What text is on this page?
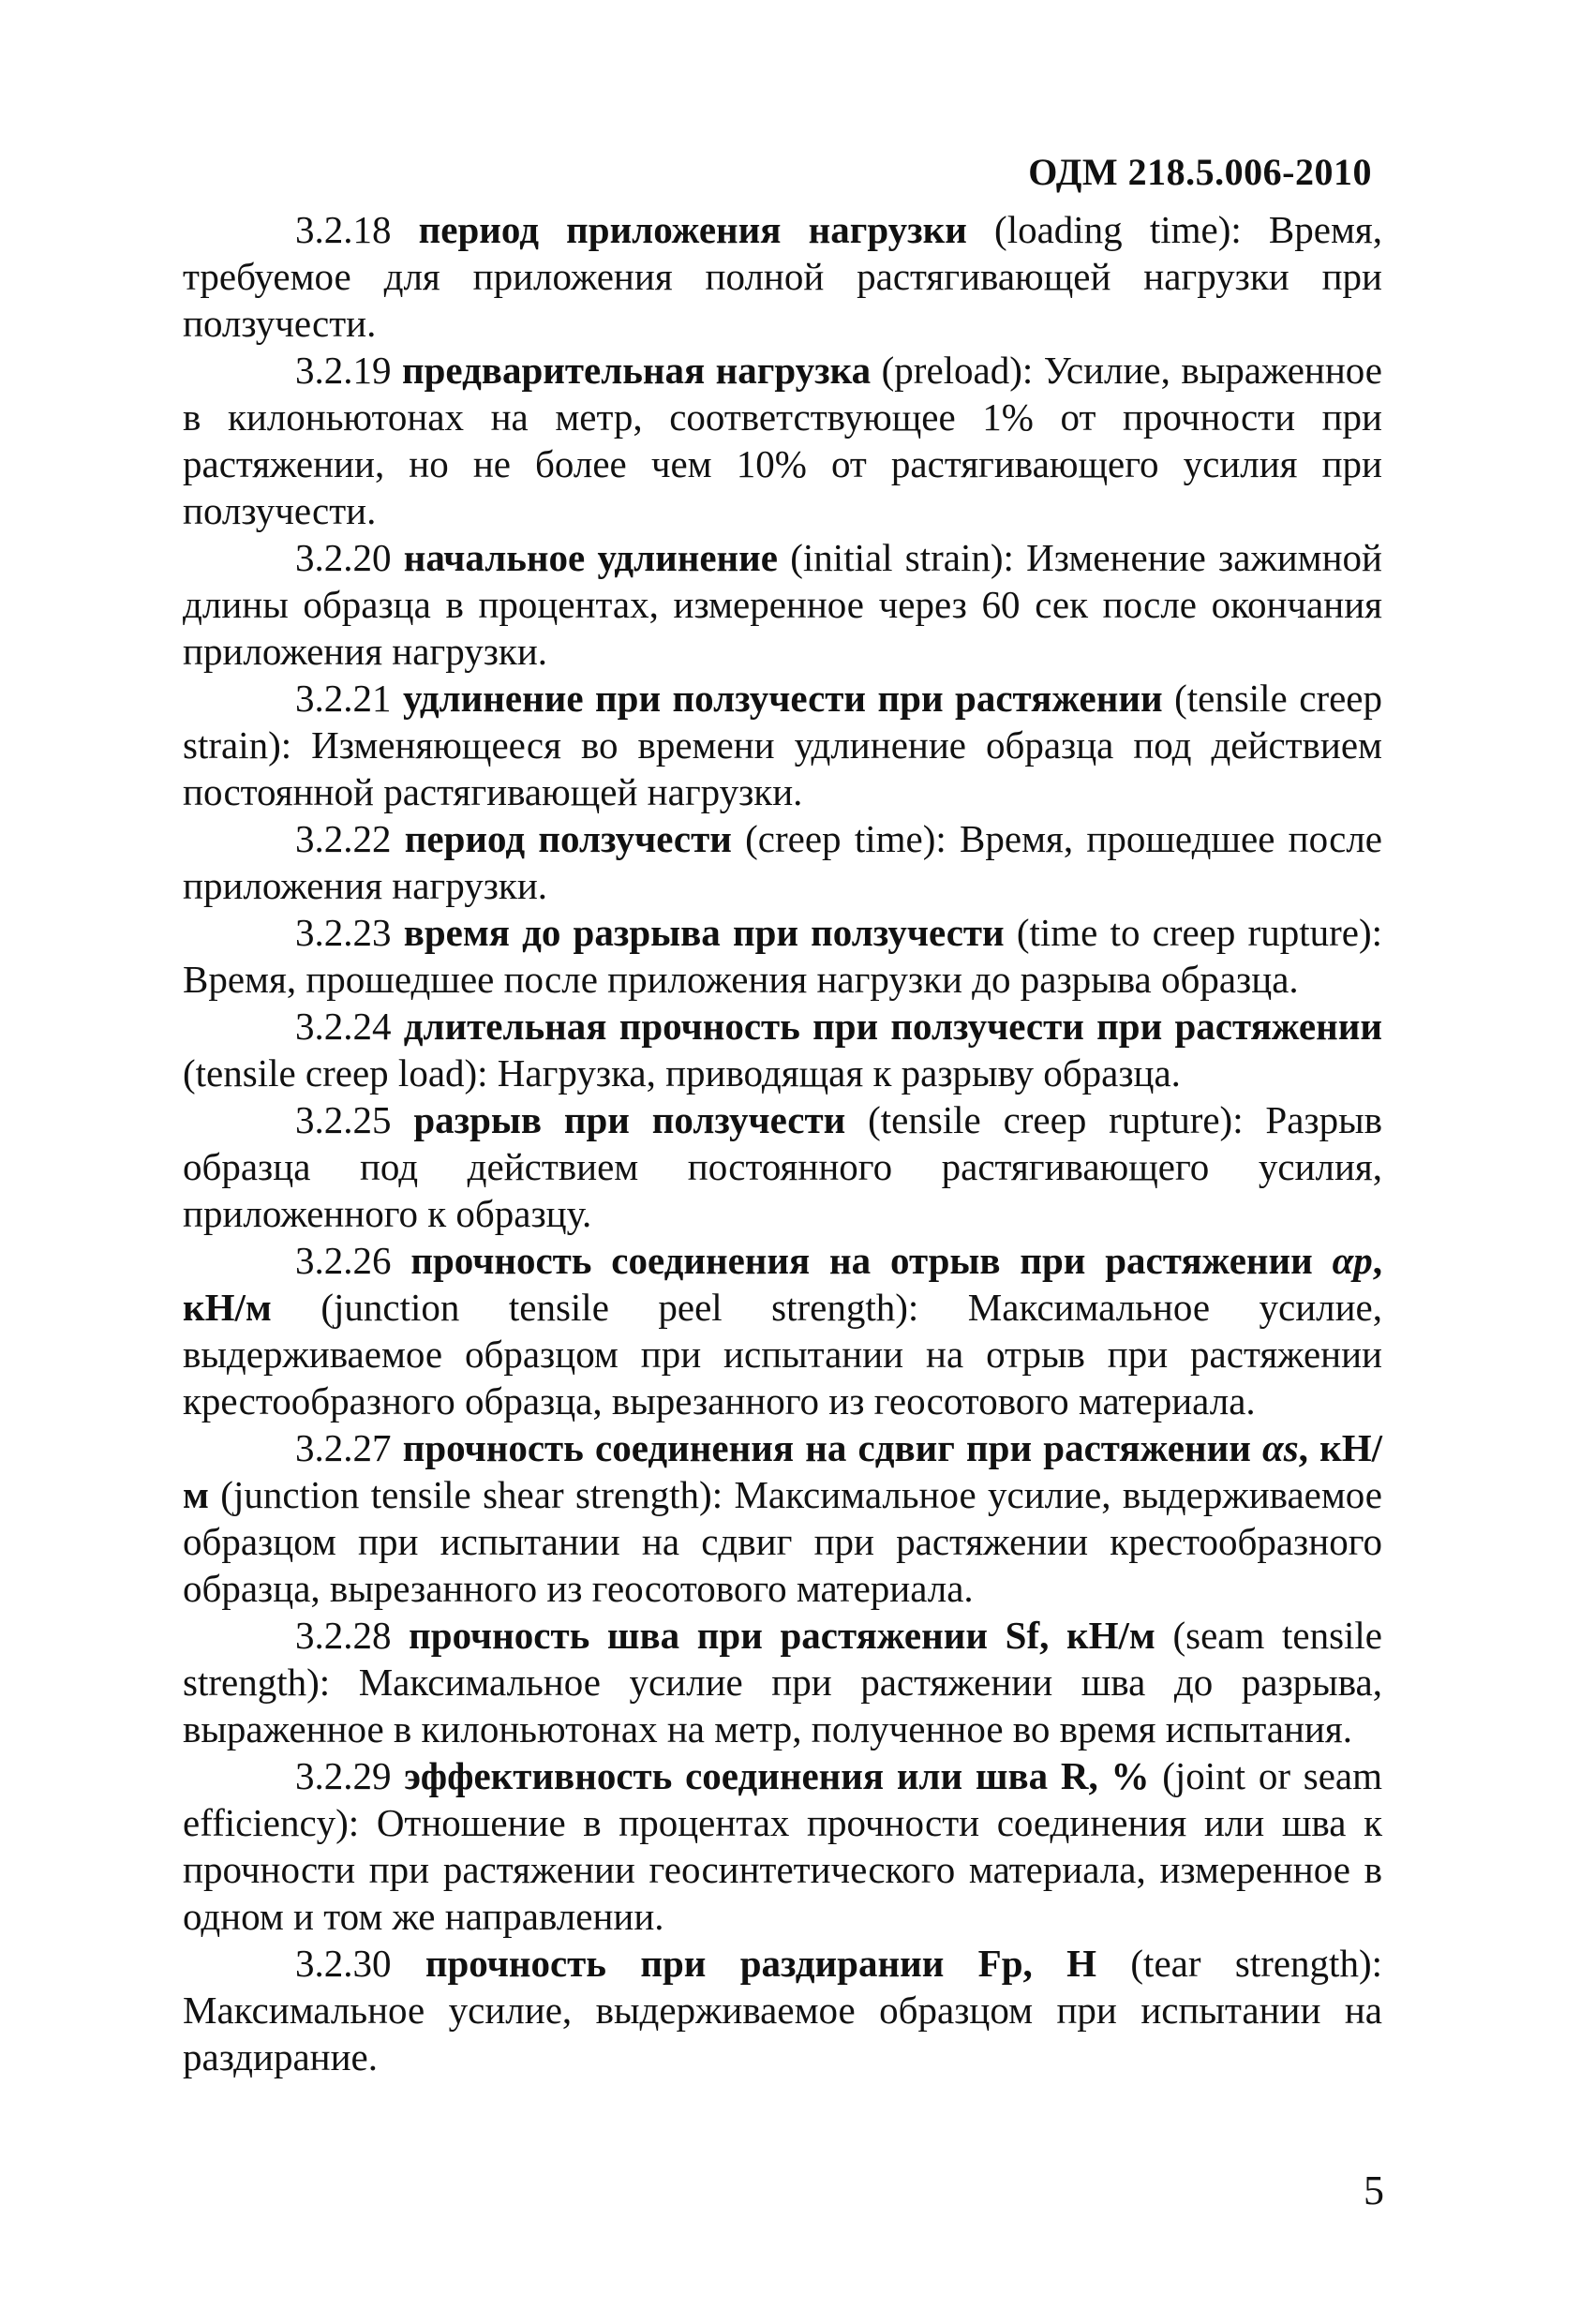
ОДМ 218.5.006-2010

3.2.18 период приложения нагрузки (loading time): Время, требуемое для приложения полной растягивающей нагрузки при ползучести.

3.2.19 предварительная нагрузка (preload): Усилие, выраженное в килоньютонах на метр, соответствующее 1% от прочности при растяжении, но не более чем 10% от растягивающего усилия при ползучести.

3.2.20 начальное удлинение (initial strain): Изменение зажимной длины образца в процентах, измеренное через 60 сек после окончания приложения нагрузки.

3.2.21 удлинение при ползучести при растяжении (tensile creep strain): Изменяющееся во времени удлинение образца под действием постоянной растягивающей нагрузки.

3.2.22 период ползучести (creep time): Время, прошедшее после приложения нагрузки.

3.2.23 время до разрыва при ползучести (time to creep rupture): Время, прошедшее после приложения нагрузки до разрыва образца.

3.2.24 длительная прочность при ползучести при растяжении (tensile creep load): Нагрузка, приводящая к разрыву образца.

3.2.25 разрыв при ползучести (tensile creep rupture): Разрыв образца под действием постоянного растягивающего усилия, приложенного к образцу.

3.2.26 прочность соединения на отрыв при растяжении αp, кН/м (junction tensile peel strength): Максимальное усилие, выдерживаемое образцом при испытании на отрыв при растяжении крестообразного образца, вырезанного из геосотового материала.

3.2.27 прочность соединения на сдвиг при растяжении αs, кН/м (junction tensile shear strength): Максимальное усилие, выдерживаемое образцом при испытании на сдвиг при растяжении крестообразного образца, вырезанного из геосотового материала.

3.2.28 прочность шва при растяжении Sf, кН/м (seam tensile strength): Максимальное усилие при растяжении шва до разрыва, выраженное в килоньютонах на метр, полученное во время испытания.

3.2.29 эффективность соединения или шва R, % (joint or seam efficiency): Отношение в процентах прочности соединения или шва к прочности при растяжении геосинтетического материала, измеренное в одном и том же направлении.

3.2.30 прочность при раздирании Fp, Н (tear strength): Максимальное усилие, выдерживаемое образцом при испытании на раздирание.

5
